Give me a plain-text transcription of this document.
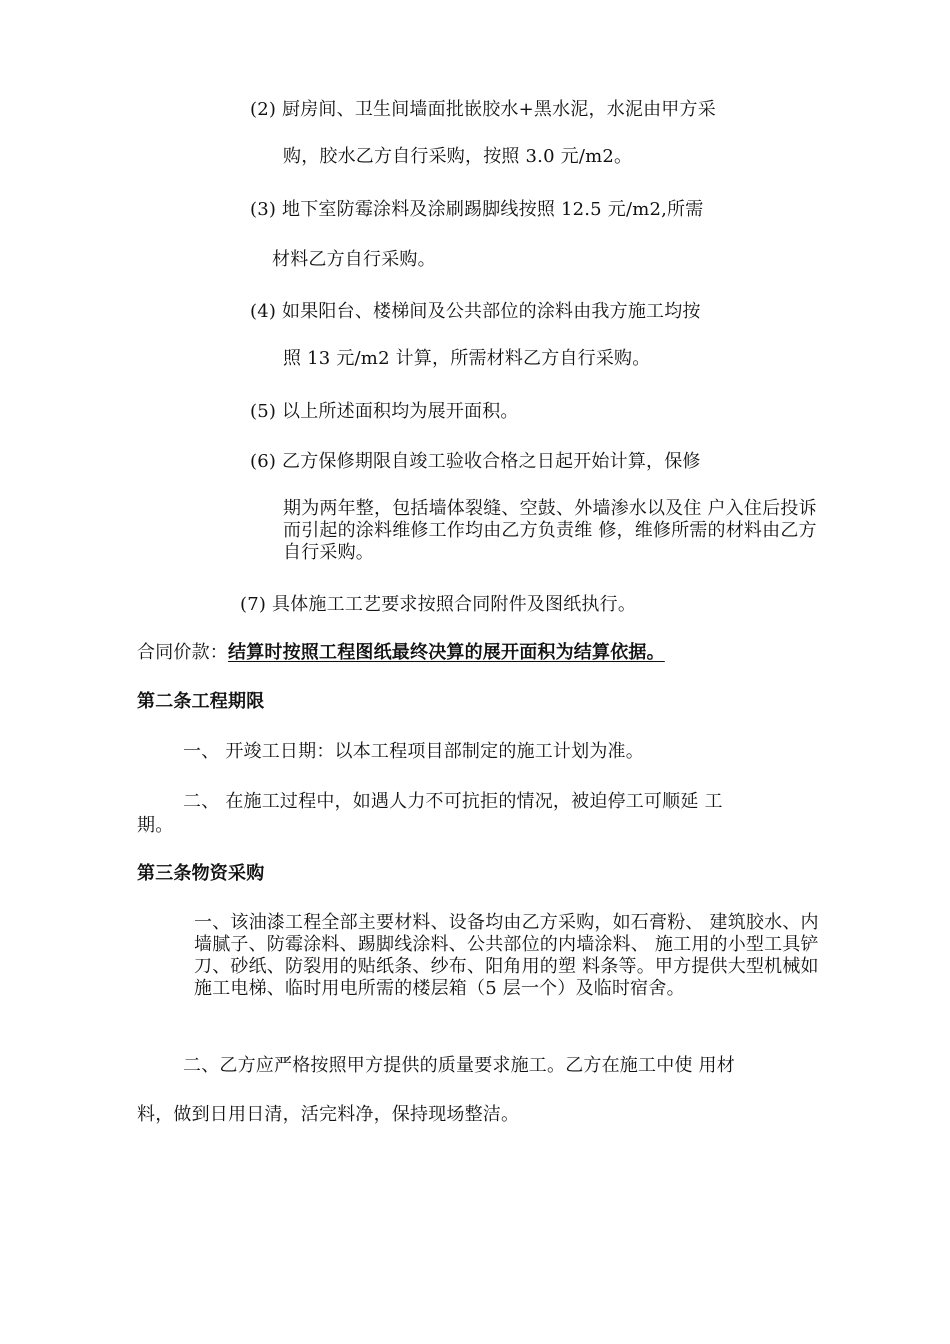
(2) 厨房间、卫生间墙面批嵌胶水+黑水泥，水泥由甲方采
购，胶水乙方自行采购，按照 3.0 元/m2。
(3) 地下室防霉涂料及涂刷踢脚线按照 12.5 元/m2,所需
材料乙方自行采购。
(4) 如果阳台、楼梯间及公共部位的涂料由我方施工均按
照 13 元/m2 计算，所需材料乙方自行采购。
(5) 以上所述面积均为展开面积。
(6) 乙方保修期限自竣工验收合格之日起开始计算，保修
期为两年整，包括墙体裂缝、空鼓、外墙渗水以及住 户入住后投诉而引起的涂料维修工作均由乙方负责维 修，维修所需的材料由乙方自行采购。
(7) 具体施工工艺要求按照合同附件及图纸执行。
合同价款：结算时按照工程图纸最终决算的展开面积为结算依据。
第二条工程期限
一、 开竣工日期：以本工程项目部制定的施工计划为准。
二、 在施工过程中，如遇人力不可抗拒的情况，被迫停工可顺延 工
期。
第三条物资采购
一、该油漆工程全部主要材料、设备均由乙方采购，如石膏粉、 建筑胶水、内墙腻子、防霉涂料、踢脚线涂料、公共部位的内墙涂料、 施工用的小型工具铲刀、砂纸、防裂用的贴纸条、纱布、阳角用的塑 料条等。甲方提供大型机械如施工电梯、临时用电所需的楼层箱（5 层一个）及临时宿舍。
二、乙方应严格按照甲方提供的质量要求施工。乙方在施工中使 用材
料，做到日用日清，活完料净，保持现场整洁。
